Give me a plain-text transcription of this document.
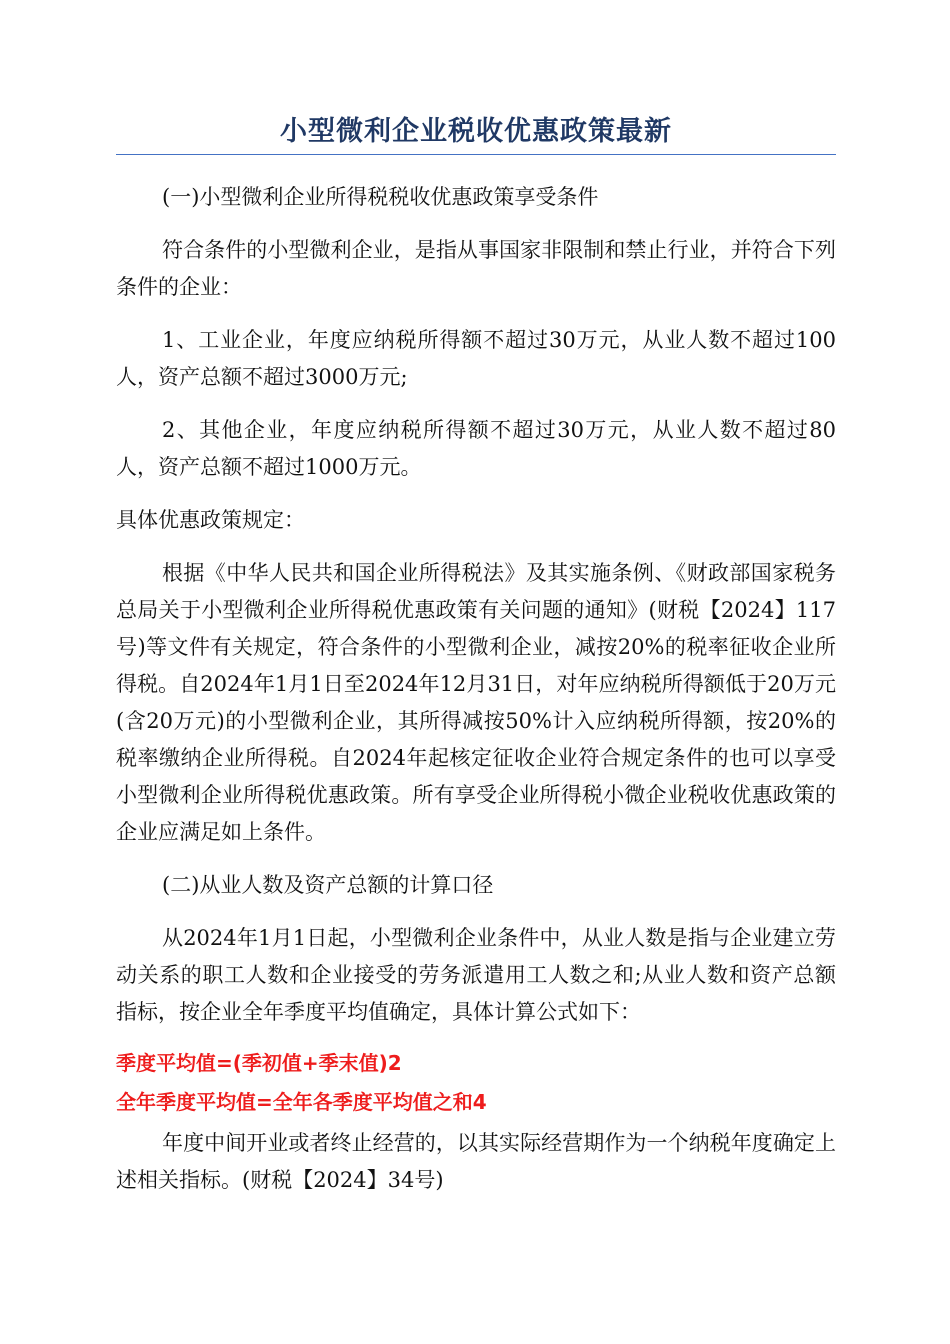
小型微利企业税收优惠政策最新

(一)小型微利企业所得税税收优惠政策享受条件

符合条件的小型微利企业，是指从事国家非限制和禁止行业，并符合下列条件的企业：

1、工业企业，年度应纳税所得额不超过30万元，从业人数不超过100人，资产总额不超过3000万元;

2、其他企业，年度应纳税所得额不超过30万元，从业人数不超过80人，资产总额不超过1000万元。

具体优惠政策规定：

根据《中华人民共和国企业所得税法》及其实施条例、《财政部国家税务总局关于小型微利企业所得税优惠政策有关问题的通知》(财税【2024】117号)等文件有关规定，符合条件的小型微利企业，减按20%的税率征收企业所得税。自2024年1月1日至2024年12月31日，对年应纳税所得额低于20万元(含20万元)的小型微利企业，其所得减按50%计入应纳税所得额，按20%的税率缴纳企业所得税。自2024年起核定征收企业符合规定条件的也可以享受小型微利企业所得税优惠政策。所有享受企业所得税小微企业税收优惠政策的企业应满足如上条件。

(二)从业人数及资产总额的计算口径

从2024年1月1日起，小型微利企业条件中，从业人数是指与企业建立劳动关系的职工人数和企业接受的劳务派遣用工人数之和;从业人数和资产总额指标，按企业全年季度平均值确定，具体计算公式如下：

季度平均值=(季初值+季末值)2

全年季度平均值=全年各季度平均值之和4

年度中间开业或者终止经营的，以其实际经营期作为一个纳税年度确定上述相关指标。(财税【2024】34号)
